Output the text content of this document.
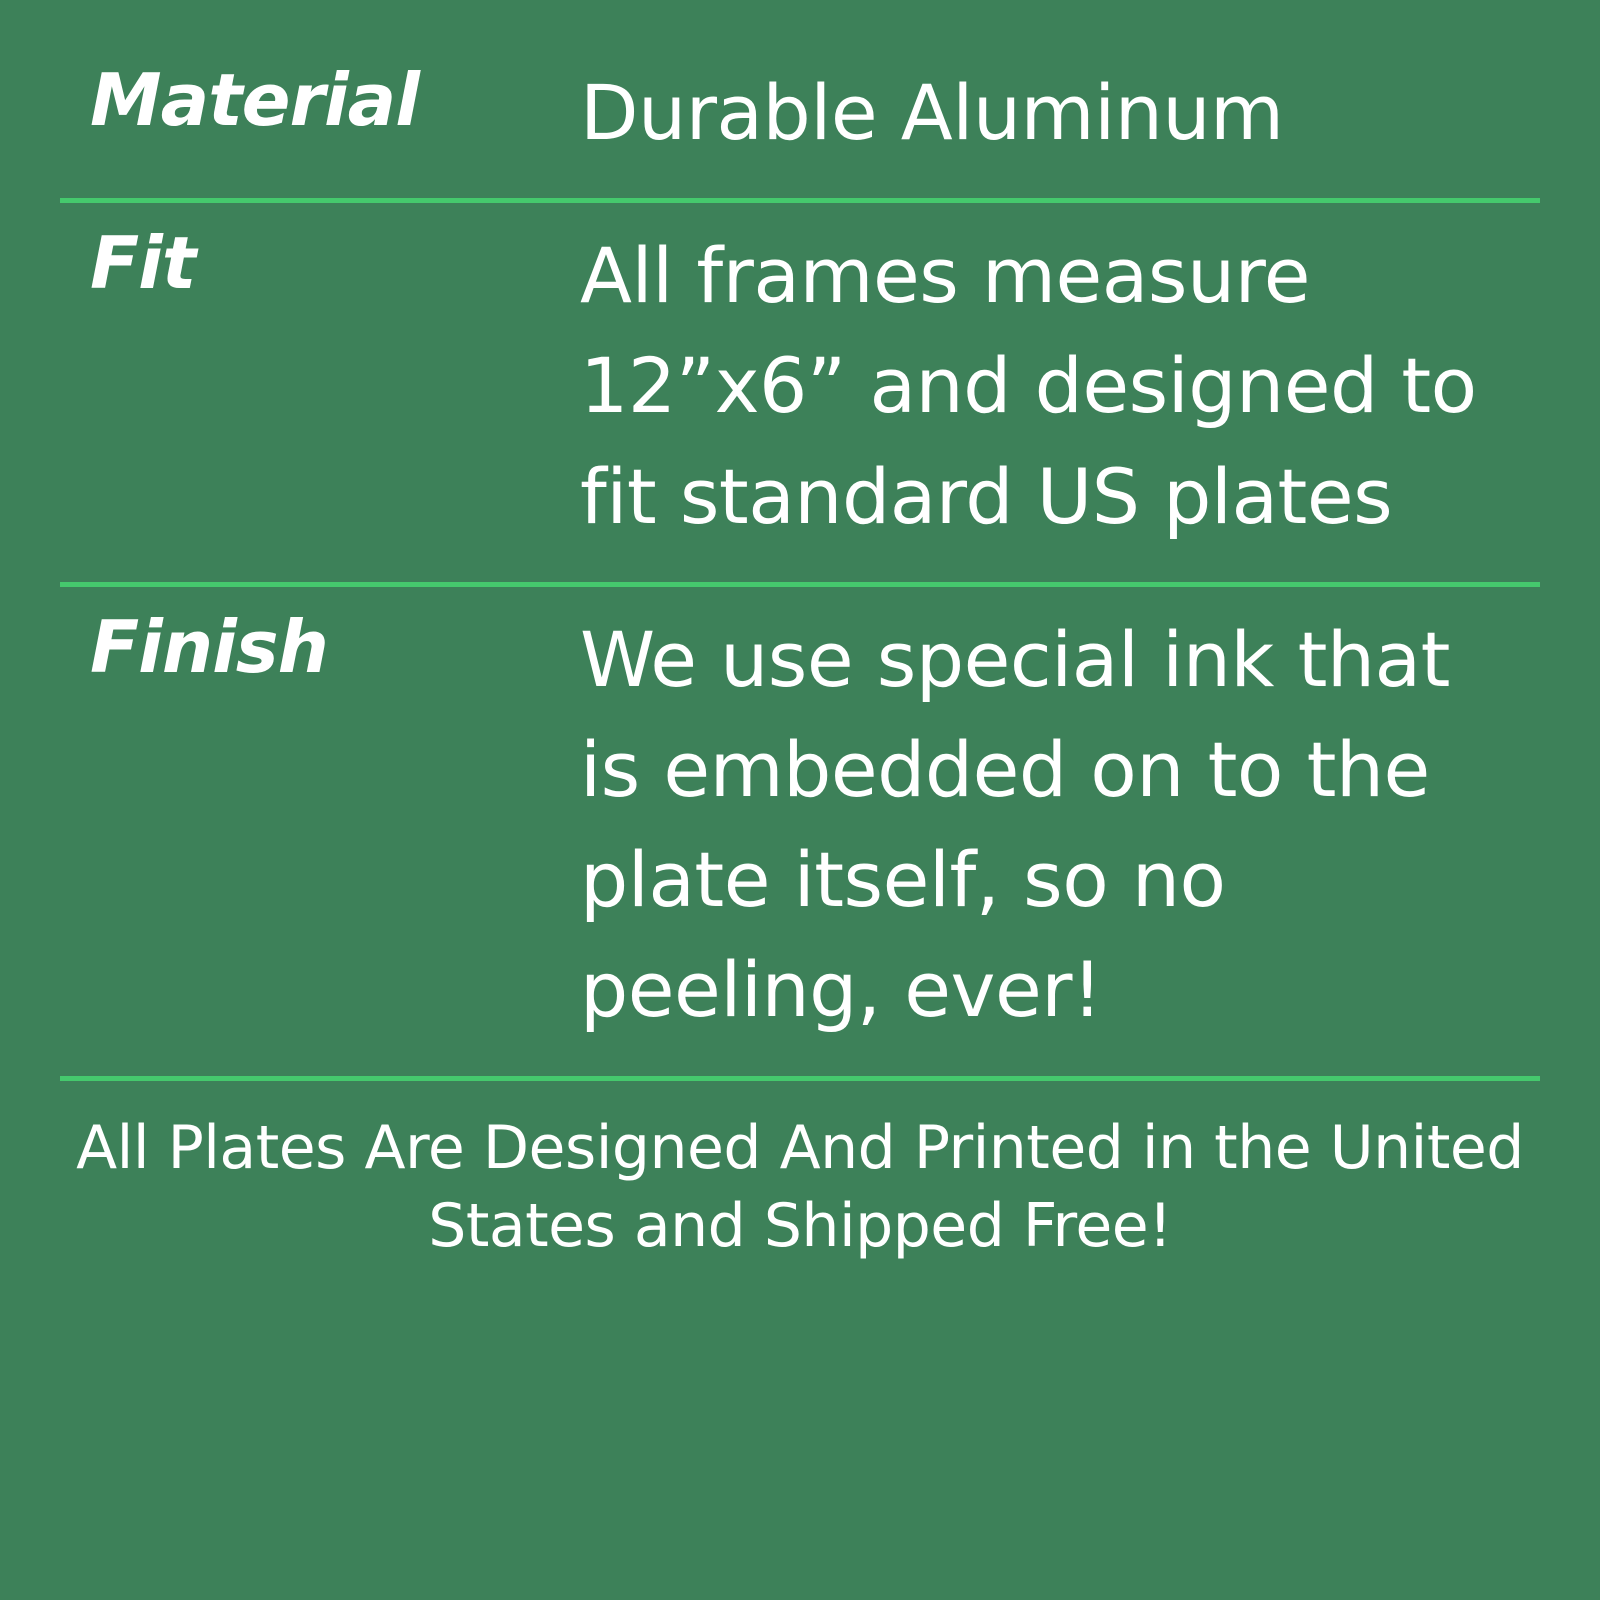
Material	Durable Aluminum
Fit	All frames measure 12”x6” and designed to fit standard US plates
Finish	We use special ink that is embedded on to the plate itself, so no peeling, ever!
All Plates Are Designed And Printed in the United States and Shipped Free!
